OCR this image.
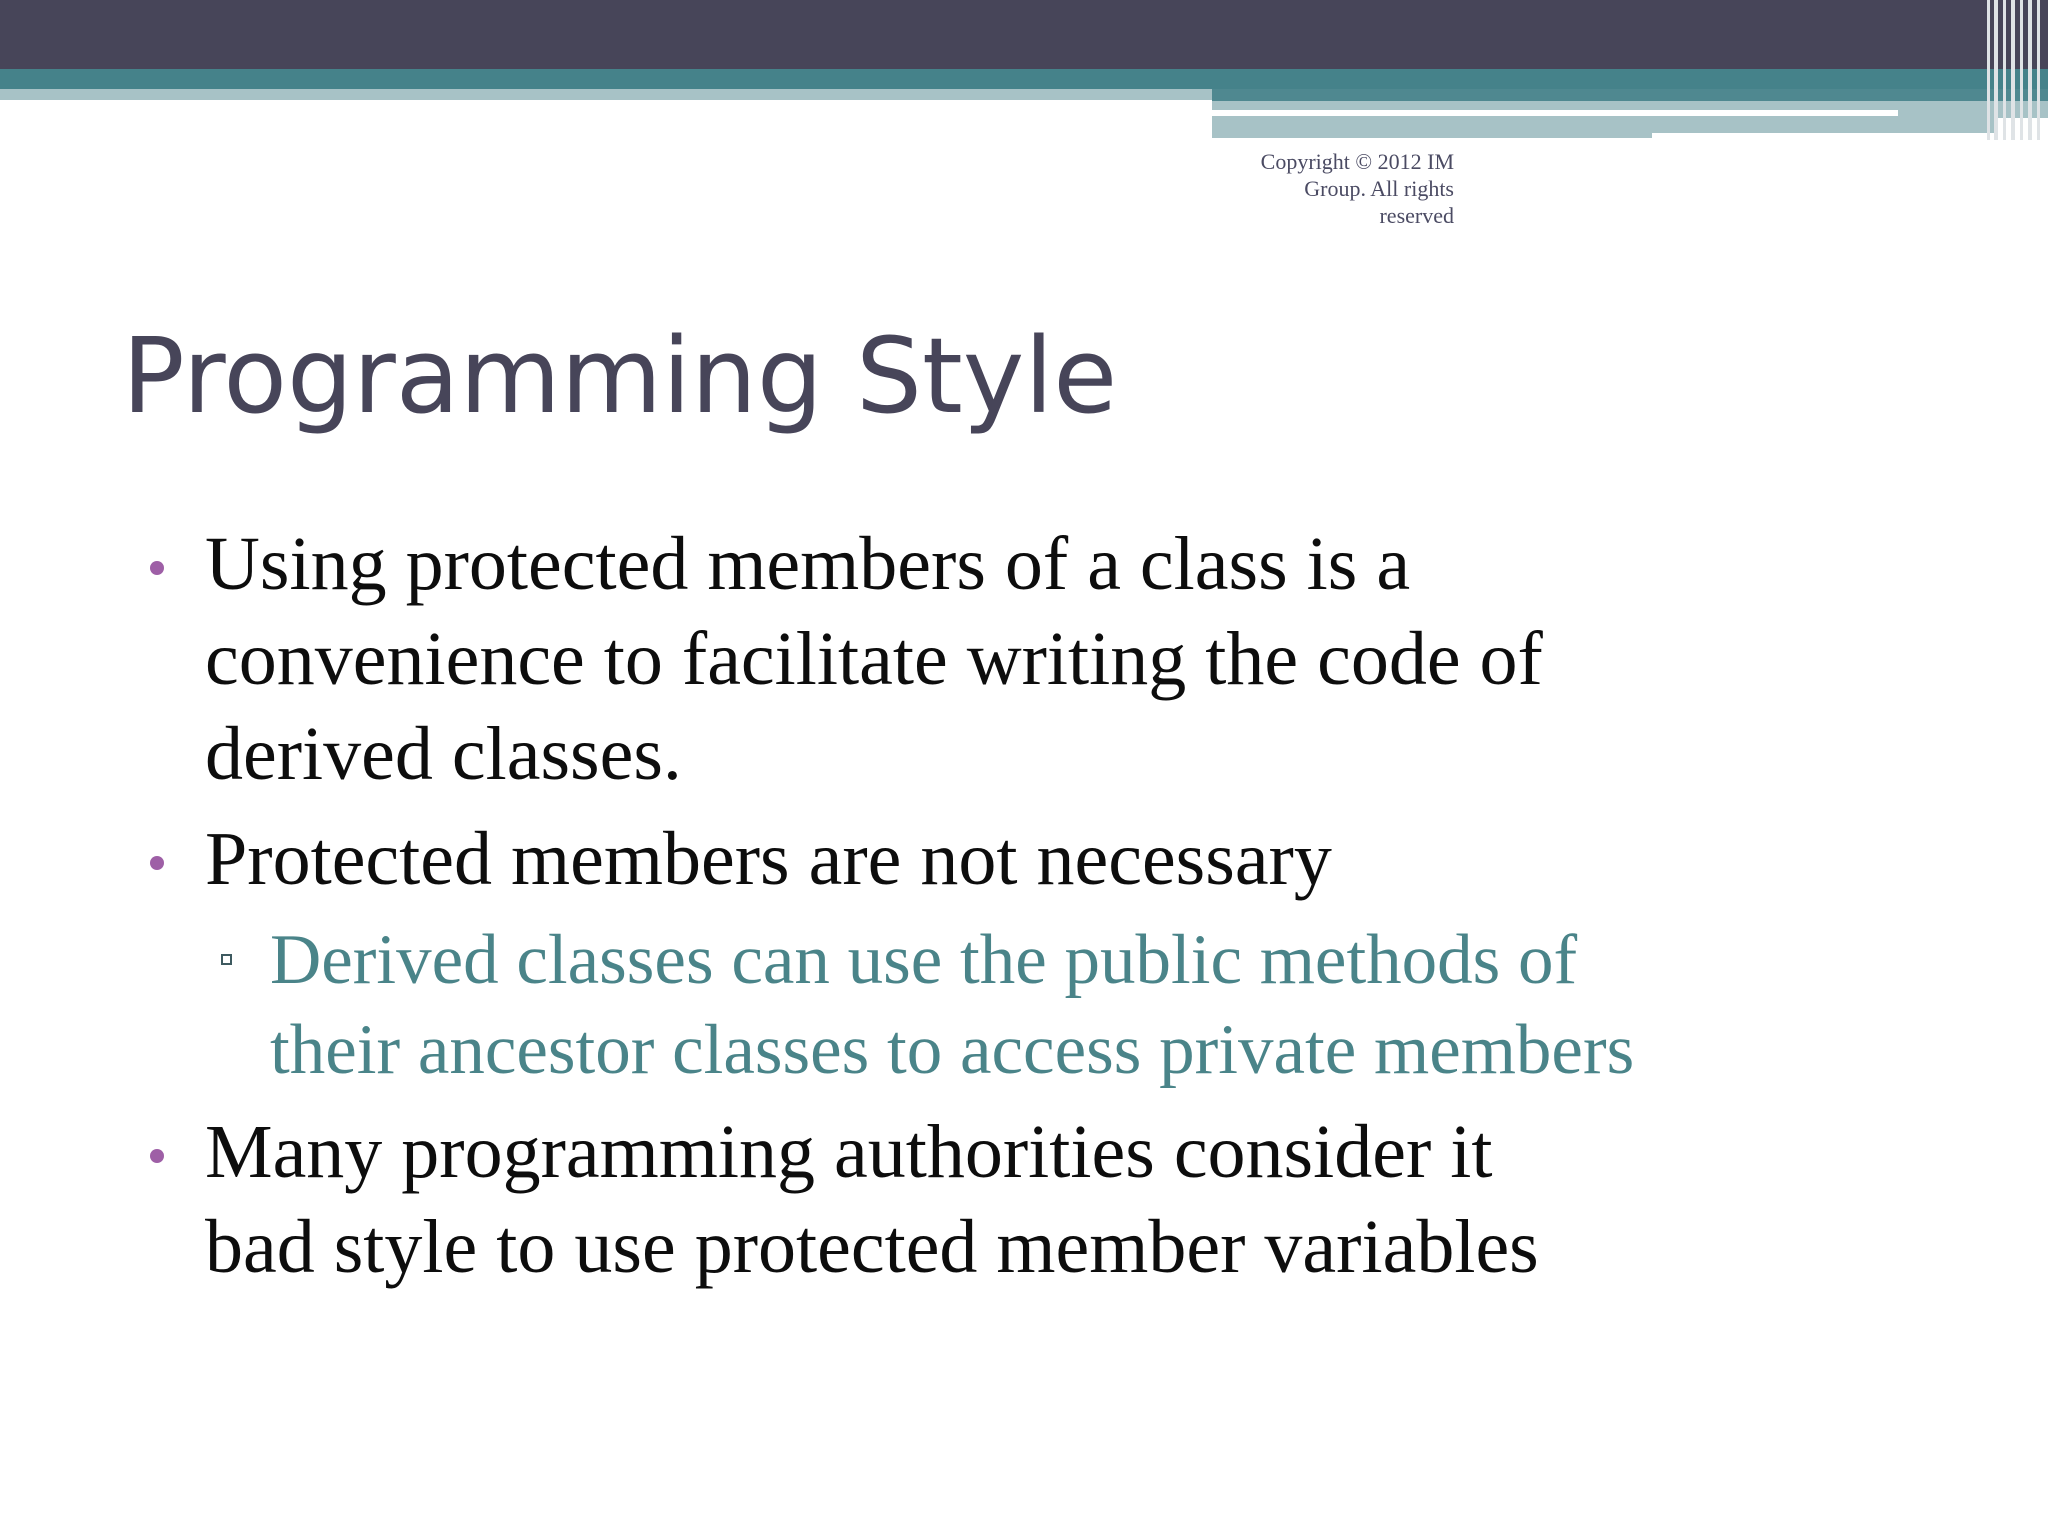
Copyright © 2012 IM
Group. All rights
reserved
Programming Style
Using protected members of a class is a
convenience to facilitate writing the code of
derived classes.
Protected members are not necessary
Derived classes can use the public methods of
their ancestor classes to access private members
Many programming authorities consider it
bad style to use protected member variables
